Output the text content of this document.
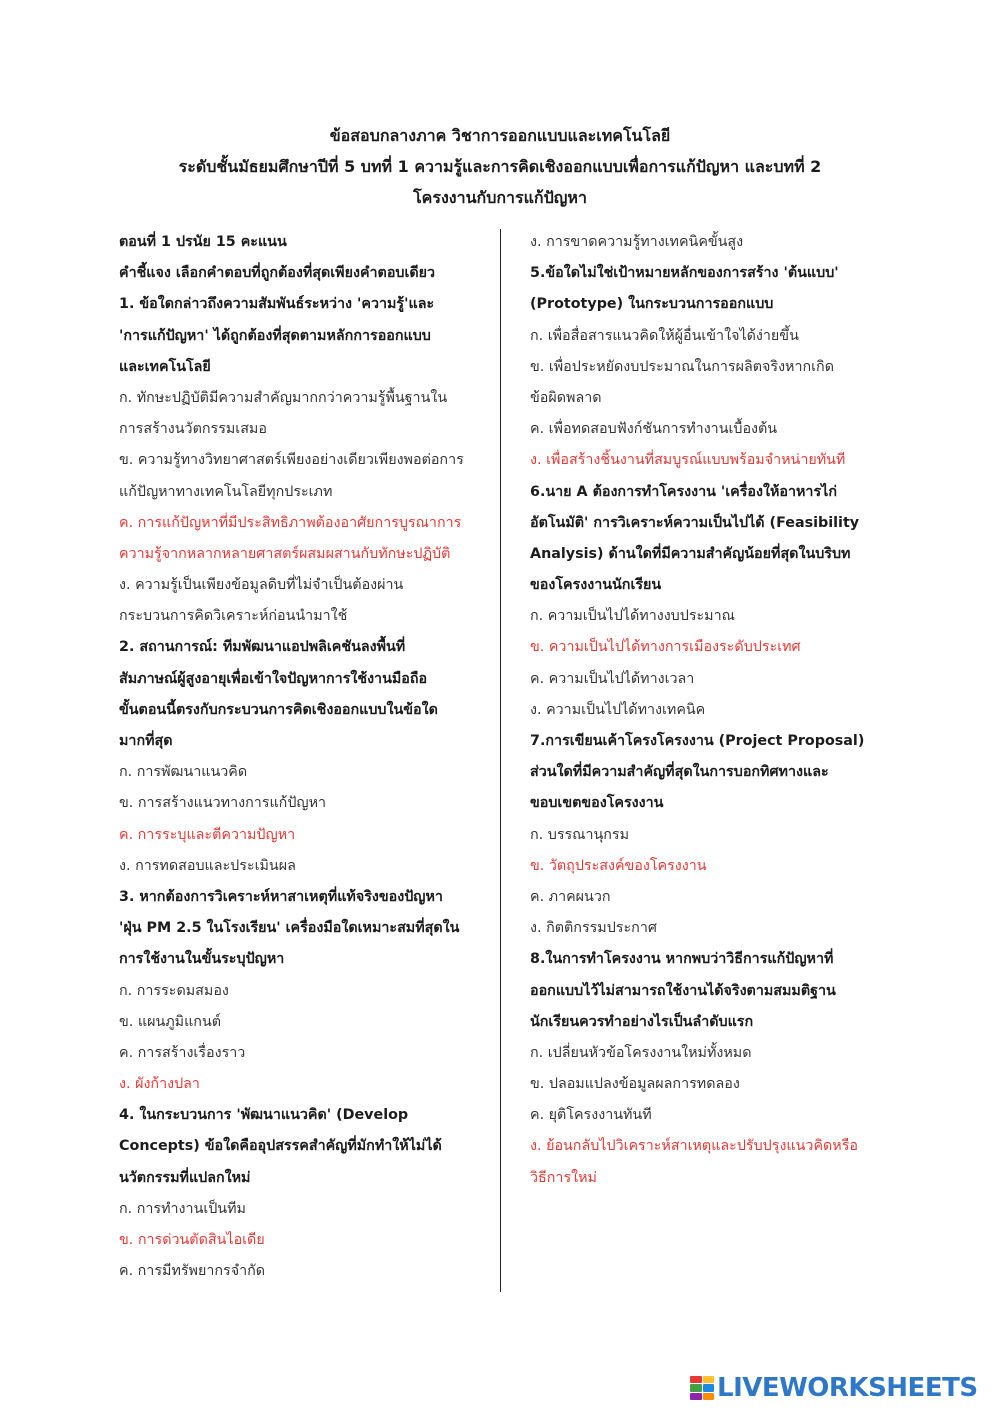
ข้อสอบกลางภาค วิชาการออกแบบและเทคโนโลยี
ระดับชั้นมัธยมศึกษาปีที่ 5 บทที่ 1 ความรู้และการคิดเชิงออกแบบเพื่อการแก้ปัญหา และบทที่ 2
โครงงานกับการแก้ปัญหา
ตอนที่ 1 ปรนัย 15 คะแนน
คำชี้แจง เลือกคำตอบที่ถูกต้องที่สุดเพียงคำตอบเดียว
1. ข้อใดกล่าวถึงความสัมพันธ์ระหว่าง 'ความรู้'และ
'การแก้ปัญหา' ได้ถูกต้องที่สุดตามหลักการออกแบบ
และเทคโนโลยี
ก. ทักษะปฏิบัติมีความสำคัญมากกว่าความรู้พื้นฐานใน
การสร้างนวัตกรรมเสมอ
ข. ความรู้ทางวิทยาศาสตร์เพียงอย่างเดียวเพียงพอต่อการ
แก้ปัญหาทางเทคโนโลยีทุกประเภท
ค. การแก้ปัญหาที่มีประสิทธิภาพต้องอาศัยการบูรณาการ
ความรู้จากหลากหลายศาสตร์ผสมผสานกับทักษะปฏิบัติ
ง. ความรู้เป็นเพียงข้อมูลดิบที่ไม่จำเป็นต้องผ่าน
กระบวนการคิดวิเคราะห์ก่อนนำมาใช้
2. สถานการณ์: ทีมพัฒนาแอปพลิเคชันลงพื้นที่
สัมภาษณ์ผู้สูงอายุเพื่อเข้าใจปัญหาการใช้งานมือถือ
ขั้นตอนนี้ตรงกับกระบวนการคิดเชิงออกแบบในข้อใด
มากที่สุด
ก. การพัฒนาแนวคิด
ข. การสร้างแนวทางการแก้ปัญหา
ค. การระบุและตีความปัญหา
ง. การทดสอบและประเมินผล
3. หากต้องการวิเคราะห์หาสาเหตุที่แท้จริงของปัญหา
'ฝุ่น PM 2.5 ในโรงเรียน' เครื่องมือใดเหมาะสมที่สุดใน
การใช้งานในขั้นระบุปัญหา
ก. การระดมสมอง
ข. แผนภูมิแกนต์
ค. การสร้างเรื่องราว
ง. ผังก้างปลา
4. ในกระบวนการ 'พัฒนาแนวคิด' (Develop
Concepts) ข้อใดคืออุปสรรคสำคัญที่มักทำให้ไม่ได้
นวัตกรรมที่แปลกใหม่
ก. การทำงานเป็นทีม
ข. การด่วนตัดสินไอเดีย
ค. การมีทรัพยากรจำกัด
ง. การขาดความรู้ทางเทคนิคขั้นสูง
5.ข้อใดไม่ใช่เป้าหมายหลักของการสร้าง 'ต้นแบบ'
(Prototype) ในกระบวนการออกแบบ
ก. เพื่อสื่อสารแนวคิดให้ผู้อื่นเข้าใจได้ง่ายขึ้น
ข. เพื่อประหยัดงบประมาณในการผลิตจริงหากเกิด
ข้อผิดพลาด
ค. เพื่อทดสอบฟังก์ชันการทำงานเบื้องต้น
ง. เพื่อสร้างชิ้นงานที่สมบูรณ์แบบพร้อมจำหน่ายทันที
6.นาย A ต้องการทำโครงงาน 'เครื่องให้อาหารไก่
อัตโนมัติ' การวิเคราะห์ความเป็นไปได้ (Feasibility
Analysis) ด้านใดที่มีความสำคัญน้อยที่สุดในบริบท
ของโครงงานนักเรียน
ก. ความเป็นไปได้ทางงบประมาณ
ข. ความเป็นไปได้ทางการเมืองระดับประเทศ
ค. ความเป็นไปได้ทางเวลา
ง. ความเป็นไปได้ทางเทคนิค
7.การเขียนเค้าโครงโครงงาน (Project Proposal)
ส่วนใดที่มีความสำคัญที่สุดในการบอกทิศทางและ
ขอบเขตของโครงงาน
ก. บรรณานุกรม
ข. วัตถุประสงค์ของโครงงาน
ค. ภาคผนวก
ง. กิตติกรรมประกาศ
8.ในการทำโครงงาน หากพบว่าวิธีการแก้ปัญหาที่
ออกแบบไว้ไม่สามารถใช้งานได้จริงตามสมมติฐาน
นักเรียนควรทำอย่างไรเป็นลำดับแรก
ก. เปลี่ยนหัวข้อโครงงานใหม่ทั้งหมด
ข. ปลอมแปลงข้อมูลผลการทดลอง
ค. ยุติโครงงานทันที
ง. ย้อนกลับไปวิเคราะห์สาเหตุและปรับปรุงแนวคิดหรือ
วิธีการใหม่
LIVEWORKSHEETS
